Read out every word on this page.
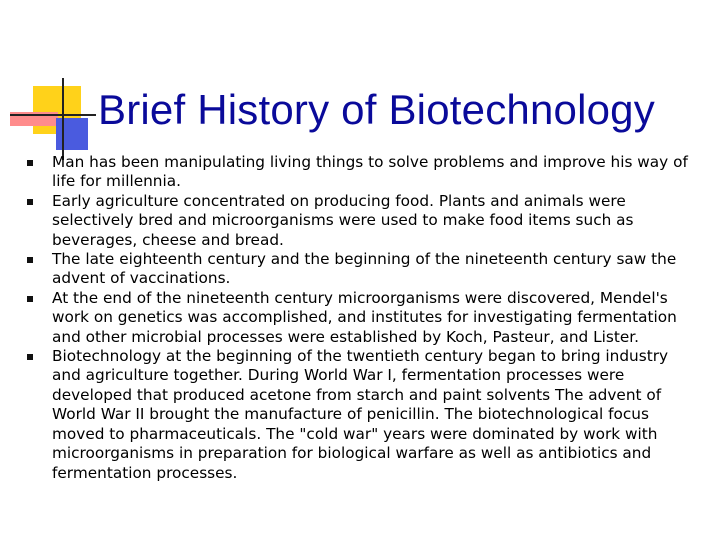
Brief History of Biotechnology
Man has been manipulating living things to solve problems and improve his way of life for millennia.
Early agriculture concentrated on producing food. Plants and animals were selectively bred and microorganisms were used to make food items such as beverages, cheese and bread.
The late eighteenth century and the beginning of the nineteenth century saw the advent of vaccinations.
At the end of the nineteenth century microorganisms were discovered, Mendel's work on genetics was accomplished, and institutes for investigating fermentation and other microbial processes were established by Koch, Pasteur, and Lister.
Biotechnology at the beginning of the twentieth century began to bring industry and agriculture together. During World War I, fermentation processes were developed that produced acetone from starch and paint solvents The advent of World War II brought the manufacture of penicillin. The biotechnological focus moved to pharmaceuticals. The "cold war" years were dominated by work with microorganisms in preparation for biological warfare as well as antibiotics and fermentation processes.
